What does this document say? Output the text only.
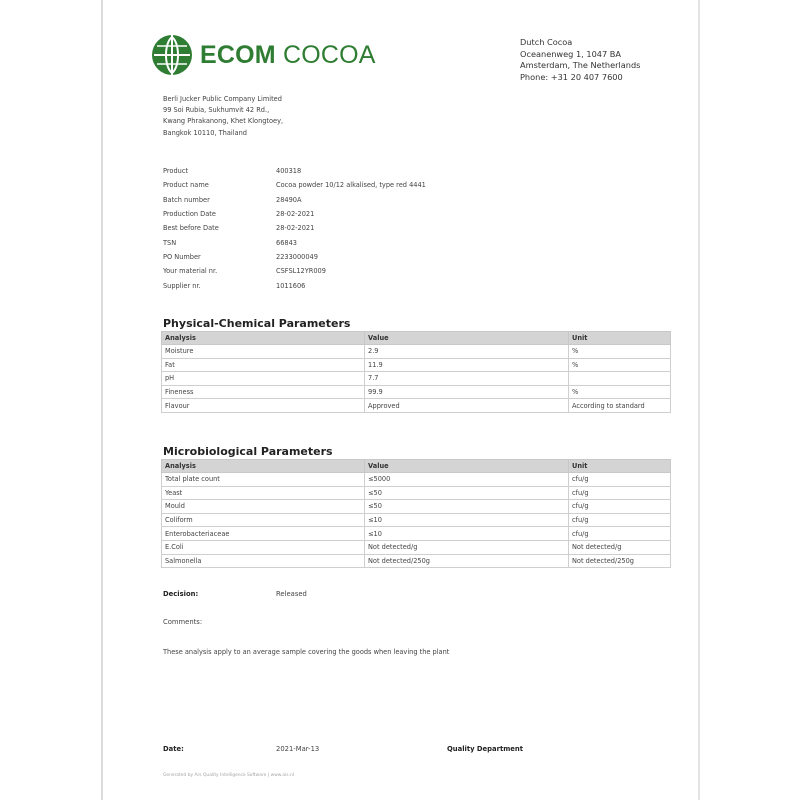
ECOM COCOA	Dutch Cocoa
Oceanenweg 1, 1047 BA
Amsterdam, The Netherlands
Phone: +31 20 407 7600
Berli Jucker Public Company Limited
99 Soi Rubia, Sukhumvit 42 Rd.,
Kwang Phrakanong, Khet Klongtoey,
Bangkok 10110, Thailand
Product	400318
Product name	Cocoa powder 10/12 alkalised, type red 4441
Batch number	28490A
Production Date	28-02-2021
Best before Date	28-02-2021
TSN	66843
PO Number	2233000049
Your material nr.	CSFSL12YR009
Supplier nr.	1011606
Physical-Chemical Parameters
Analysis	Value	Unit
Moisture	2.9	%
Fat	11.9	%
pH	7.7	
Fineness	99.9	%
Flavour	Approved	According to standard
Microbiological Parameters
Analysis	Value	Unit
Total plate count	≤5000	cfu/g
Yeast	≤50	cfu/g
Mould	≤50	cfu/g
Coliform	≤10	cfu/g
Enterobacteriaceae	≤10	cfu/g
E.Coli	Not detected/g	Not detected/g
Salmonella	Not detected/250g	Not detected/250g
Decision:	Released
Comments:
These analysis apply to an average sample covering the goods when leaving the plant
Date:	2021-Mar-13	Quality Department
Generated by Ars Quality Intelligence Software | www.ais.nl
